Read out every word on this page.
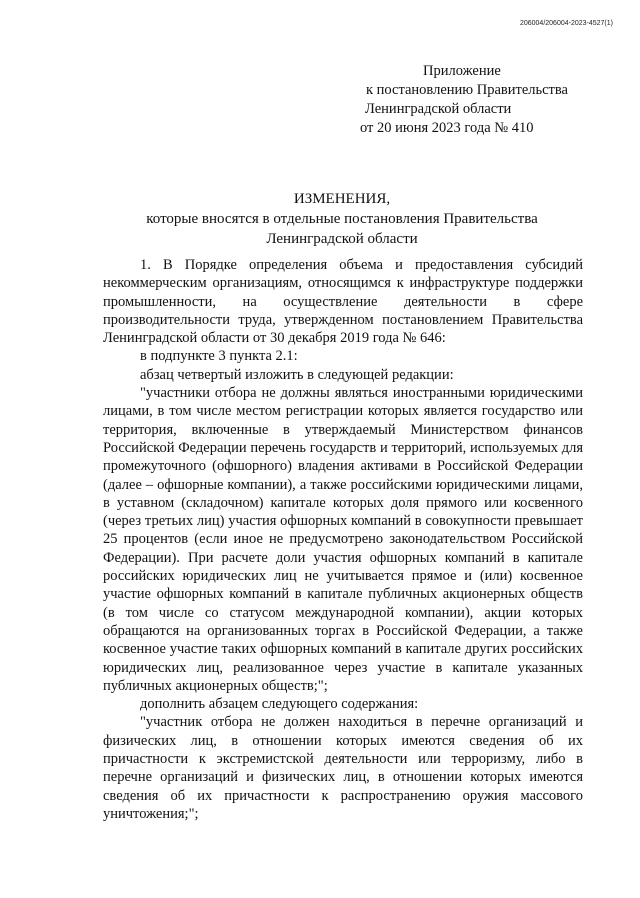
206004/206004-2023-4527(1)
Приложение
к постановлению Правительства
Ленинградской области
от 20 июня 2023 года № 410
ИЗМЕНЕНИЯ,
которые вносятся в отдельные постановления Правительства
Ленинградской области

1. В Порядке определения объема и предоставления субсидий некоммерческим организациям, относящимся к инфраструктуре поддержки промышленности, на осуществление деятельности в сфере производительности труда, утвержденном постановлением Правительства Ленинградской области от 30 декабря 2019 года № 646:

в подпункте 3 пункта 2.1:

абзац четвертый изложить в следующей редакции:

"участники отбора не должны являться иностранными юридическими лицами, в том числе местом регистрации которых является государство или территория, включенные в утверждаемый Министерством финансов Российской Федерации перечень государств и территорий, используемых для промежуточного (офшорного) владения активами в Российской Федерации (далее – офшорные компании), а также российскими юридическими лицами, в уставном (складочном) капитале которых доля прямого или косвенного (через третьих лиц) участия офшорных компаний в совокупности превышает 25 процентов (если иное не предусмотрено законодательством Российской Федерации). При расчете доли участия офшорных компаний в капитале российских юридических лиц не учитывается прямое и (или) косвенное участие офшорных компаний в капитале публичных акционерных обществ (в том числе со статусом международной компании), акции которых обращаются на организованных торгах в Российской Федерации, а также косвенное участие таких офшорных компаний в капитале других российских юридических лиц, реализованное через участие в капитале указанных публичных акционерных обществ;";

дополнить абзацем следующего содержания:

"участник отбора не должен находиться в перечне организаций и физических лиц, в отношении которых имеются сведения об их причастности к экстремистской деятельности или терроризму, либо в перечне организаций и физических лиц, в отношении которых имеются сведения об их причастности к распространению оружия массового уничтожения;";
